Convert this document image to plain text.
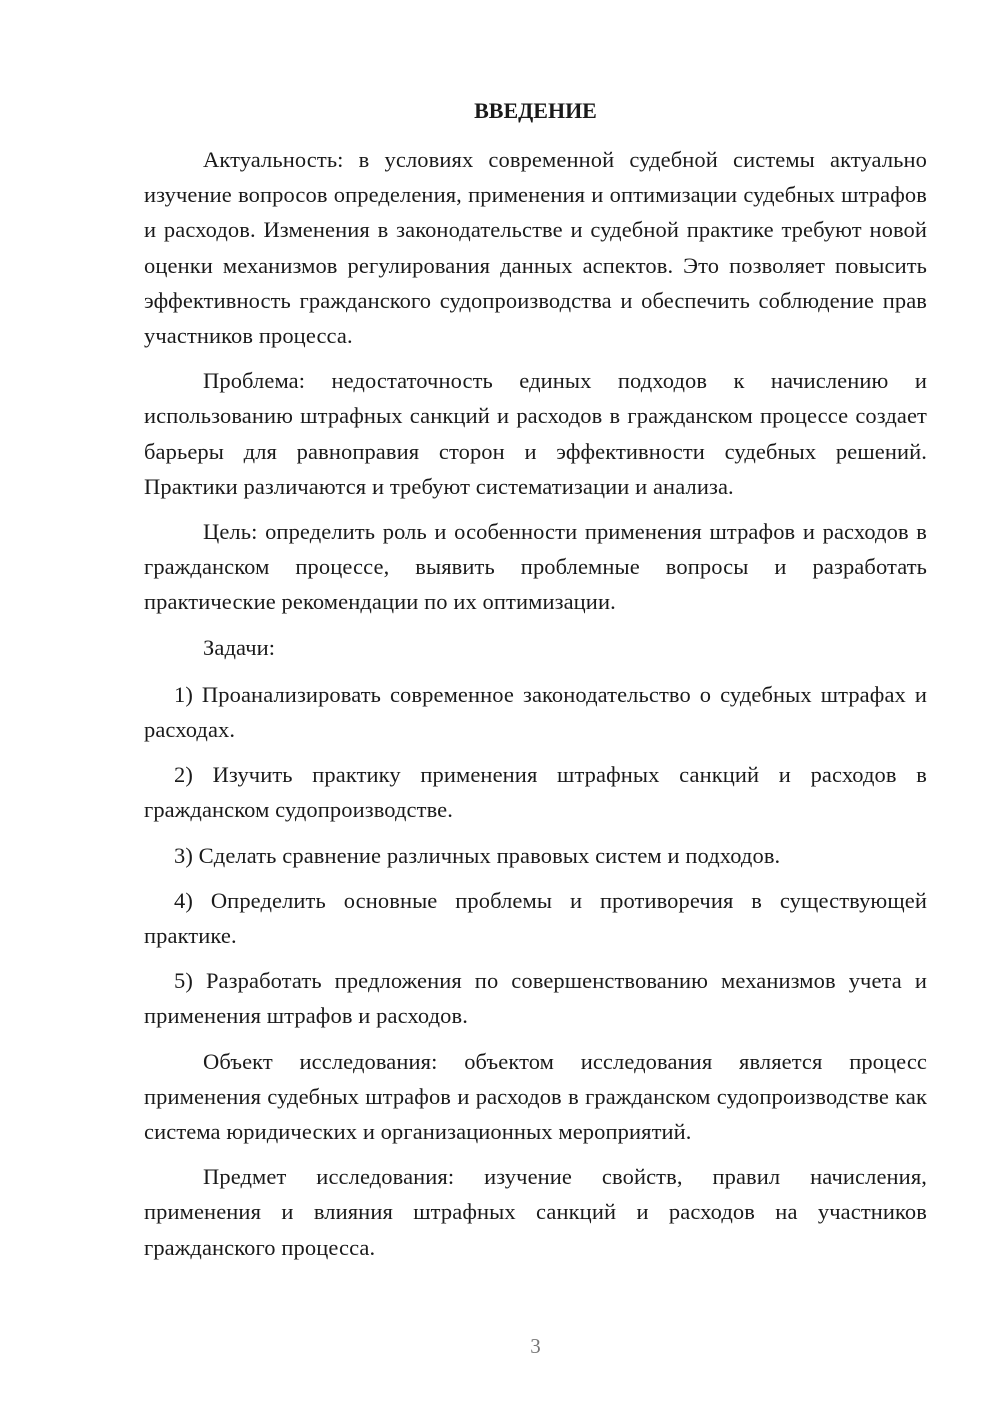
ВВЕДЕНИЕ

Актуальность: в условиях современной судебной системы актуально изучение вопросов определения, применения и оптимизации судебных штрафов и расходов. Изменения в законодательстве и судебной практике требуют новой оценки механизмов регулирования данных аспектов. Это позволяет повысить эффективность гражданского судопроизводства и обеспечить соблюдение прав участников процесса.

Проблема: недостаточность единых подходов к начислению и использованию штрафных санкций и расходов в гражданском процессе создает барьеры для равноправия сторон и эффективности судебных решений. Практики различаются и требуют систематизации и анализа.

Цель: определить роль и особенности применения штрафов и расходов в гражданском процессе, выявить проблемные вопросы и разработать практические рекомендации по их оптимизации.

Задачи:

1) Проанализировать современное законодательство о судебных штрафах и расходах.

2) Изучить практику применения штрафных санкций и расходов в гражданском судопроизводстве.

3) Сделать сравнение различных правовых систем и подходов.

4) Определить основные проблемы и противоречия в существующей практике.

5) Разработать предложения по совершенствованию механизмов учета и применения штрафов и расходов.

Объект исследования: объектом исследования является процесс применения судебных штрафов и расходов в гражданском судопроизводстве как система юридических и организационных мероприятий.

Предмет исследования: изучение свойств, правил начисления, применения и влияния штрафных санкций и расходов на участников гражданского процесса.

3
